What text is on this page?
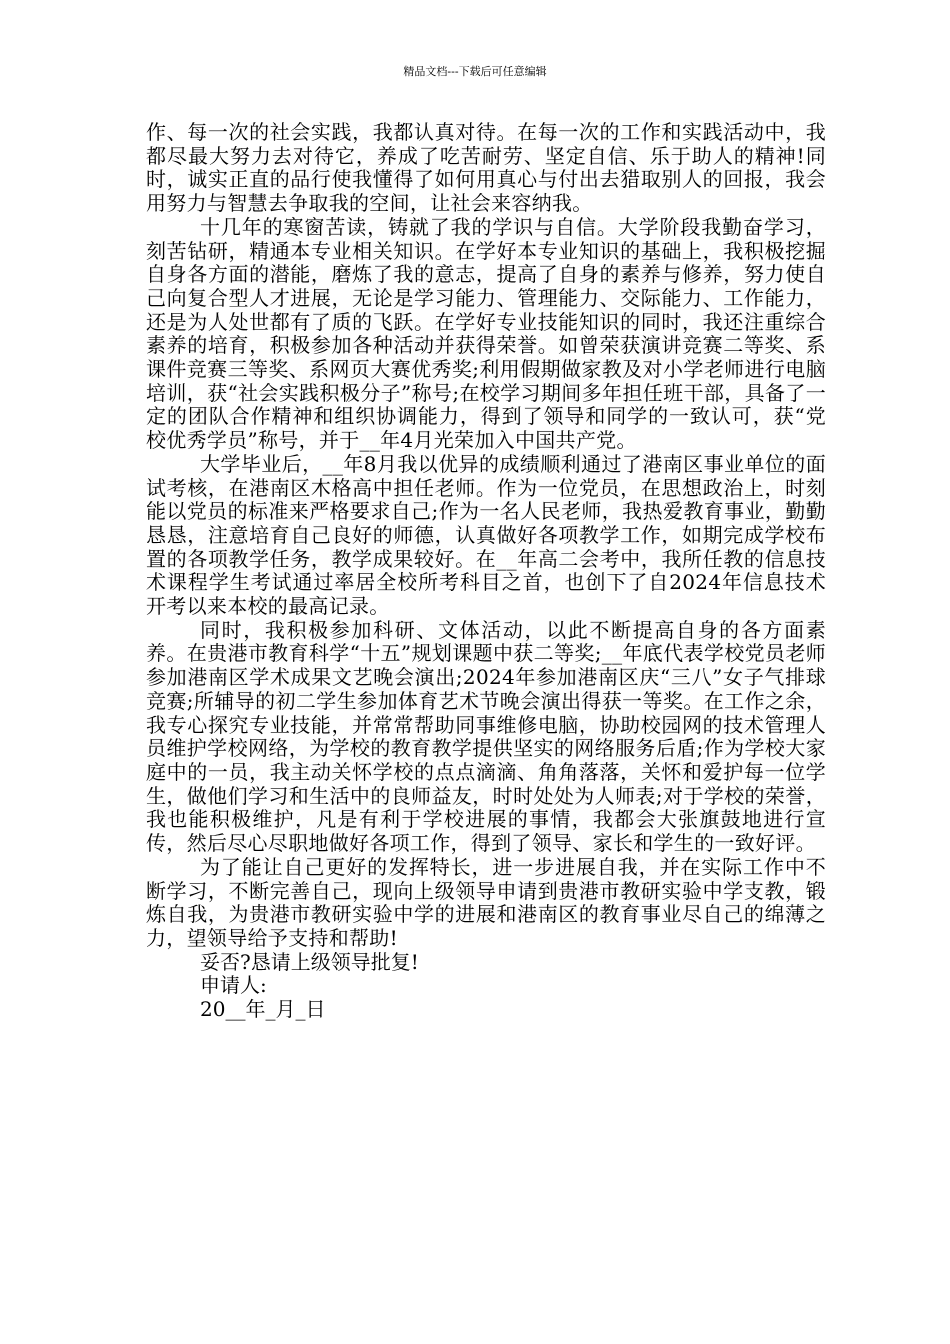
精品文档---下载后可任意编辑

作、每一次的社会实践，我都认真对待。在每一次的工作和实践活动中，我都尽最大努力去对待它，养成了吃苦耐劳、坚定自信、乐于助人的精神!同时，诚实正直的品行使我懂得了如何用真心与付出去猎取别人的回报，我会用努力与智慧去争取我的空间，让社会来容纳我。

十几年的寒窗苦读，铸就了我的学识与自信。大学阶段我勤奋学习，刻苦钻研，精通本专业相关知识。在学好本专业知识的基础上，我积极挖掘自身各方面的潜能，磨炼了我的意志，提高了自身的素养与修养，努力使自己向复合型人才进展，无论是学习能力、管理能力、交际能力、工作能力，还是为人处世都有了质的飞跃。在学好专业技能知识的同时，我还注重综合素养的培育，积极参加各种活动并获得荣誉。如曾荣获演讲竞赛二等奖、系课件竞赛三等奖、系网页大赛优秀奖;利用假期做家教及对小学老师进行电脑培训，获“社会实践积极分子”称号;在校学习期间多年担任班干部，具备了一定的团队合作精神和组织协调能力，得到了领导和同学的一致认可，获“党校优秀学员”称号，并于__年4月光荣加入中国共产党。

大学毕业后，__年8月我以优异的成绩顺利通过了港南区事业单位的面试考核，在港南区木格高中担任老师。作为一位党员，在思想政治上，时刻能以党员的标准来严格要求自己;作为一名人民老师，我热爱教育事业，勤勤恳恳，注意培育自己良好的师德，认真做好各项教学工作，如期完成学校布置的各项教学任务，教学成果较好。在__年高二会考中，我所任教的信息技术课程学生考试通过率居全校所考科目之首，也创下了自2024年信息技术开考以来本校的最高记录。

同时，我积极参加科研、文体活动，以此不断提高自身的各方面素养。在贵港市教育科学“十五”规划课题中获二等奖;__年底代表学校党员老师参加港南区学术成果文艺晚会演出;2024年参加港南区庆“三八”女子气排球竞赛;所辅导的初二学生参加体育艺术节晚会演出得获一等奖。在工作之余，我专心探究专业技能，并常常帮助同事维修电脑，协助校园网的技术管理人员维护学校网络，为学校的教育教学提供坚实的网络服务后盾;作为学校大家庭中的一员，我主动关怀学校的点点滴滴、角角落落，关怀和爱护每一位学生，做他们学习和生活中的良师益友，时时处处为人师表;对于学校的荣誉，我也能积极维护，凡是有利于学校进展的事情，我都会大张旗鼓地进行宣传，然后尽心尽职地做好各项工作，得到了领导、家长和学生的一致好评。

为了能让自己更好的发挥特长，进一步进展自我，并在实际工作中不断学习，不断完善自己，现向上级领导申请到贵港市教研实验中学支教，锻炼自我，为贵港市教研实验中学的进展和港南区的教育事业尽自己的绵薄之力，望领导给予支持和帮助!

妥否?恳请上级领导批复!

申请人:

20__年_月_日
